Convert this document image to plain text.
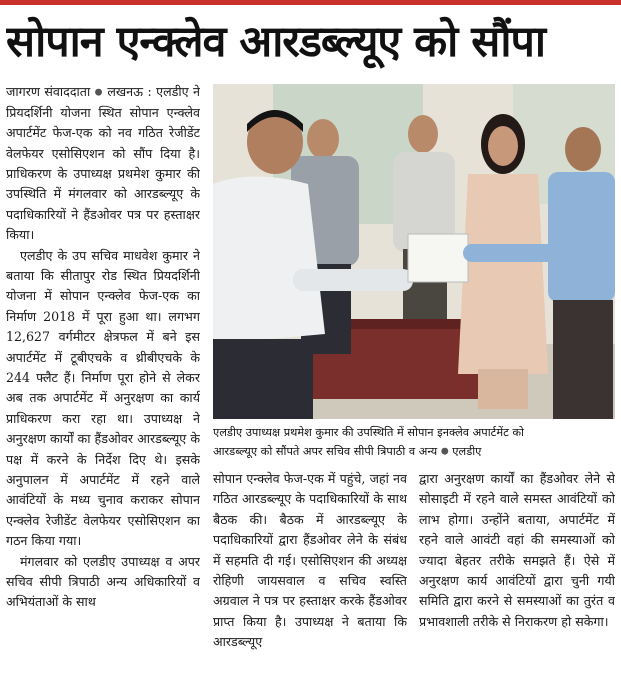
सोपान एन्क्लेव आरडब्ल्यूए को सौंपा

जागरण संवाददाता ● लखनऊ : एलडीए ने प्रियदर्शिनी योजना स्थित सोपान एन्क्लेव अपार्टमेंट फेज-एक को नव गठित रेजीडेंट वेलफेयर एसोसिएशन को सौंप दिया है। प्राधिकरण के उपाध्यक्ष प्रथमेश कुमार की उपस्थिति में मंगलवार को आरडब्ल्यूए के पदाधिकारियों ने हैंडओवर पत्र पर हस्ताक्षर किया।

एलडीए के उप सचिव माधवेश कुमार ने बताया कि सीतापुर रोड स्थित प्रियदर्शिनी योजना में सोपान एन्क्लेव फेज-एक का निर्माण 2018 में पूरा हुआ था। लगभग 12,627 वर्गमीटर क्षेत्रफल में बने इस अपार्टमेंट में टूबीएचके व थ्रीबीएचके के 244 फ्लैट हैं। निर्माण पूरा होने से लेकर अब तक अपार्टमेंट में अनुरक्षण का कार्य प्राधिकरण करा रहा था। उपाध्यक्ष ने अनुरक्षण कार्यों का हैंडओवर आरडब्ल्यूए के पक्ष में करने के निर्देश दिए थे। इसके अनुपालन में अपार्टमेंट में रहने वाले आवंटियों के मध्य चुनाव कराकर सोपान एन्क्लेव रेजीडेंट वेलफेयर एसोसिएशन का गठन किया गया।

मंगलवार को एलडीए उपाध्यक्ष व अपर सचिव सीपी त्रिपाठी अन्य अधिकारियों व अभियंताओं के साथ

एलडीए उपाध्यक्ष प्रथमेश कुमार की उपस्थिति में सोपान इनक्लेव अपार्टमेंट को
आरडब्ल्यूए को सौंपते अपर सचिव सीपी त्रिपाठी व अन्य ● एलडीए

सोपान एन्क्लेव फेज-एक में पहुंचे, जहां नव गठित आरडब्ल्यूए के पदाधिकारियों के साथ बैठक की। बैठक में आरडब्ल्यूए के पदाधिकारियों द्वारा हैंडओवर लेने के संबंध में सहमति दी गई। एसोसिएशन की अध्यक्ष रोहिणी जायसवाल व सचिव स्वस्ति अग्रवाल ने पत्र पर हस्ताक्षर करके हैंडओवर प्राप्त किया है। उपाध्यक्ष ने बताया कि आरडब्ल्यूए

द्वारा अनुरक्षण कार्यों का हैंडओवर लेने से सोसाइटी में रहने वाले समस्त आवंटियों को लाभ होगा। उन्होंने बताया, अपार्टमेंट में रहने वाले आवंटी वहां की समस्याओं को ज्यादा बेहतर तरीके समझते हैं। ऐसे में अनुरक्षण कार्य आवंटियों द्वारा चुनी गयी समिति द्वारा करने से समस्याओं का तुरंत व प्रभावशाली तरीके से निराकरण हो सकेगा।
